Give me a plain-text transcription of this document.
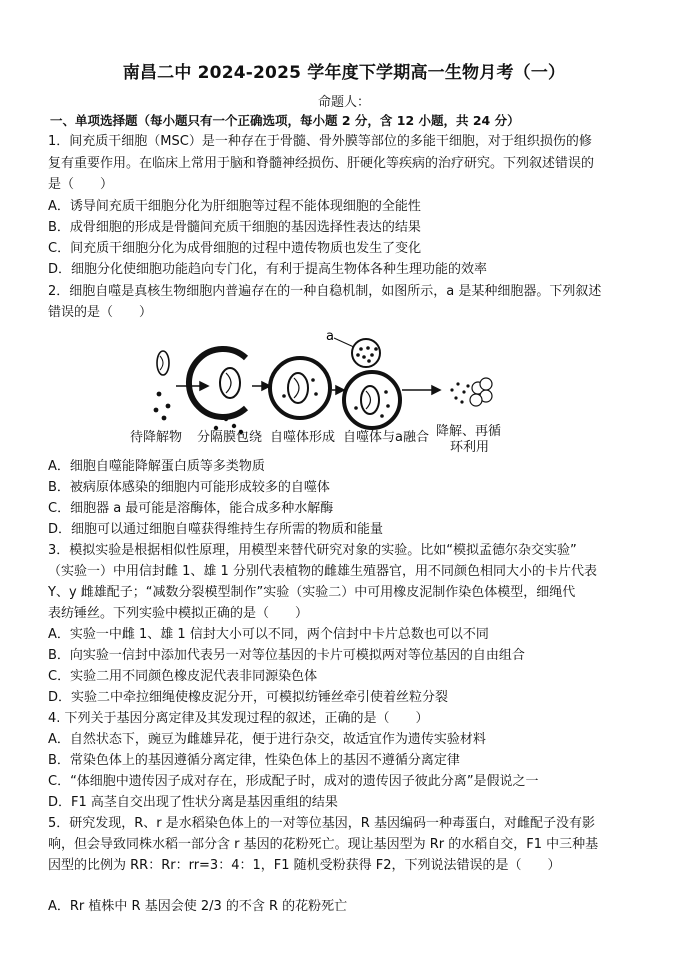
南昌二中 2024-2025 学年度下学期高一生物月考（一）
命题人：
一、单项选择题（每小题只有一个正确选项，每小题 2 分，含 12 小题，共 24 分）
1．间充质干细胞（MSC）是一种存在于骨髓、骨外膜等部位的多能干细胞，对于组织损伤的修
复有重要作用。在临床上常用于脑和脊髓神经损伤、肝硬化等疾病的治疗研究。下列叙述错误的
是（　　）
A．诱导间充质干细胞分化为肝细胞等过程不能体现细胞的全能性
B．成骨细胞的形成是骨髓间充质干细胞的基因选择性表达的结果
C．间充质干细胞分化为成骨细胞的过程中遗传物质也发生了变化
D．细胞分化使细胞功能趋向专门化，有利于提高生物体各种生理功能的效率
2．细胞自噬是真核生物细胞内普遍存在的一种自稳机制，如图所示，a 是某种细胞器。下列叙述
错误的是（　　）
a
待降解物 分隔膜包绕 自噬体形成 自噬体与a融合 降解、再循
环利用
A．细胞自噬能降解蛋白质等多类物质
B．被病原体感染的细胞内可能形成较多的自噬体
C．细胞器 a 最可能是溶酶体，能合成多种水解酶
D．细胞可以通过细胞自噬获得维持生存所需的物质和能量
3．模拟实验是根据相似性原理，用模型来替代研究对象的实验。比如“模拟孟德尔杂交实验”
（实验一）中用信封雌 1、雄 1 分别代表植物的雌雄生殖器官，用不同颜色相同大小的卡片代表
Y、y 雌雄配子；“减数分裂模型制作”实验（实验二）中可用橡皮泥制作染色体模型，细绳代
表纺锤丝。下列实验中模拟正确的是（　　）
A．实验一中雌 1、雄 1 信封大小可以不同，两个信封中卡片总数也可以不同
B．向实验一信封中添加代表另一对等位基因的卡片可模拟两对等位基因的自由组合
C．实验二用不同颜色橡皮泥代表非同源染色体
D．实验二中牵拉细绳使橡皮泥分开，可模拟纺锤丝牵引使着丝粒分裂
4. 下列关于基因分离定律及其发现过程的叙述，正确的是（　　）
A．自然状态下，豌豆为雌雄异花，便于进行杂交，故适宜作为遗传实验材料
B．常染色体上的基因遵循分离定律，性染色体上的基因不遵循分离定律
C．“体细胞中遗传因子成对存在，形成配子时，成对的遗传因子彼此分离”是假说之一
D．F1 高茎自交出现了性状分离是基因重组的结果
5．研究发现，R、r 是水稻染色体上的一对等位基因，R 基因编码一种毒蛋白，对雌配子没有影
响，但会导致同株水稻一部分含 r 基因的花粉死亡。现让基因型为 Rr 的水稻自交，F1 中三种基
因型的比例为 RR：Rr：rr=3：4：1，F1 随机受粉获得 F2，下列说法错误的是（　　）
A．Rr 植株中 R 基因会使 2/3 的不含 R 的花粉死亡
